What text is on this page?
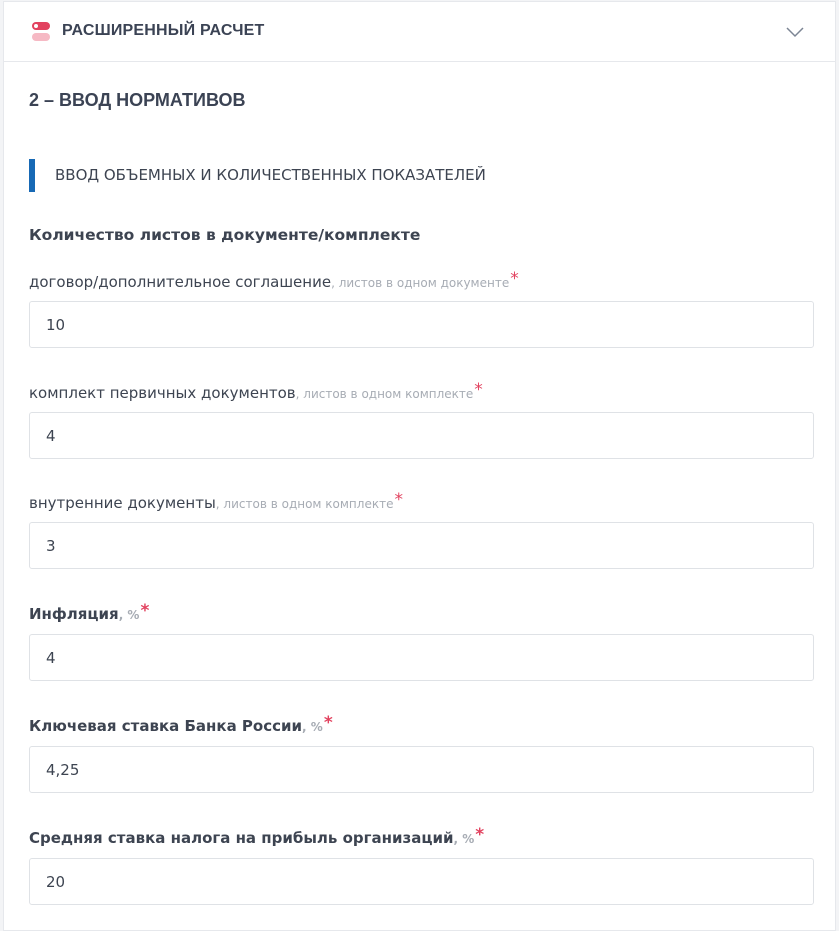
РАСШИРЕННЫЙ РАСЧЕТ
2 – ВВОД НОРМАТИВОВ
ВВОД ОБЪЕМНЫХ И КОЛИЧЕСТВЕННЫХ ПОКАЗАТЕЛЕЙ
Количество листов в документе/комплекте
договор/дополнительное соглашение, листов в одном документе*
10
комплект первичных документов, листов в одном комплекте*
4
внутренние документы, листов в одном комплекте*
3
Инфляция, %*
4
Ключевая ставка Банка России, %*
4,25
Средняя ставка налога на прибыль организаций, %*
20
